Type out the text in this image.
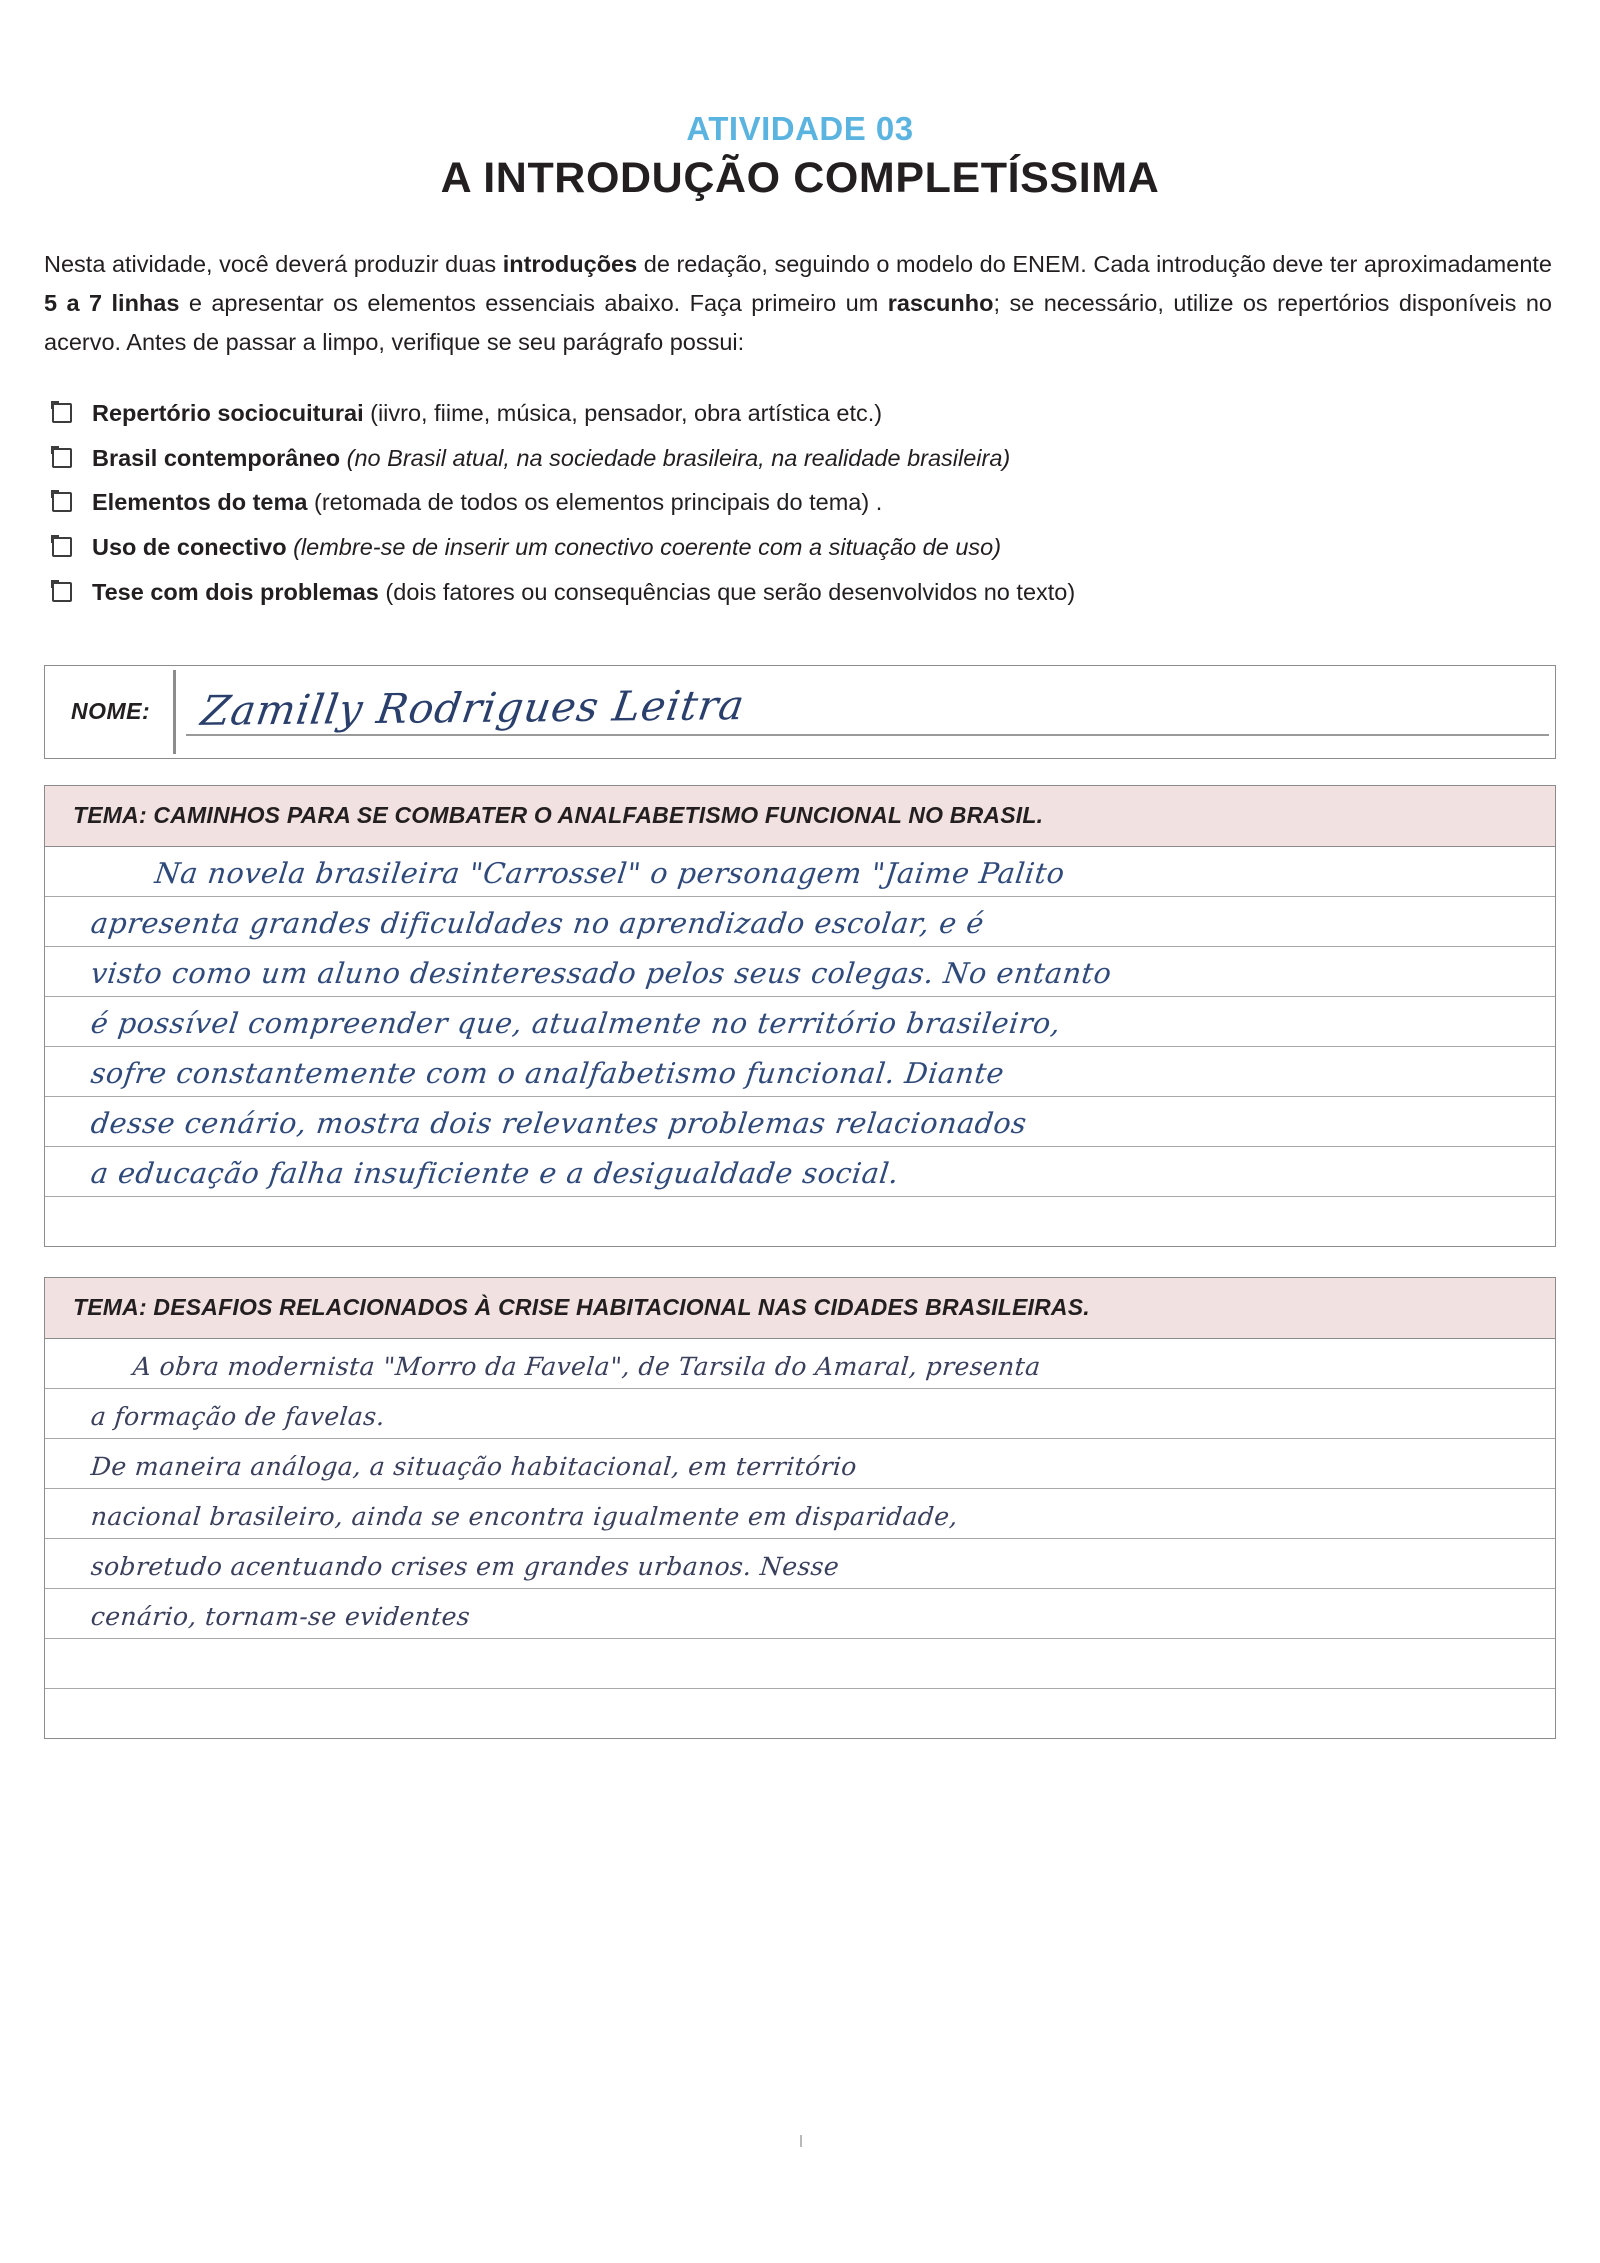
ATIVIDADE 03
A INTRODUÇÃO COMPLETÍSSIMA

Nesta atividade, você deverá produzir duas introduções de redação, seguindo o modelo do ENEM. Cada introdução deve ter aproximadamente 5 a 7 linhas e apresentar os elementos essenciais abaixo. Faça primeiro um rascunho; se necessário, utilize os repertórios disponíveis no acervo. Antes de passar a limpo, verifique se seu parágrafo possui:

Repertório sociocuiturai (iivro, fiime, música, pensador, obra artística etc.)
Brasil contemporâneo (no Brasil atual, na sociedade brasileira, na realidade brasileira)
Elementos do tema (retomada de todos os elementos principais do tema) .
Uso de conectivo (lembre-se de inserir um conectivo coerente com a situação de uso)
Tese com dois problemas (dois fatores ou consequências que serão desenvolvidos no texto)
NOME:	Zamilly Rodrigues Leitra
TEMA: CAMINHOS PARA SE COMBATER O ANALFABETISMO FUNCIONAL NO BRASIL.
Na novela brasileira "Carrossel" o personagem "Jaime Palito
apresenta grandes dificuldades no aprendizado escolar, e é
visto como um aluno desinteressado pelos seus colegas. No entanto
é possível compreender que, atualmente no território brasileiro,
sofre constantemente com o analfabetismo funcional. Diante
desse cenário, mostra dois relevantes problemas relacionados
a educação falha insuficiente e a desigualdade social.
TEMA: DESAFIOS RELACIONADOS À CRISE HABITACIONAL NAS CIDADES BRASILEIRAS.
A obra modernista "Morro da Favela", de Tarsila do Amaral, presenta
a formação de favelas.
De maneira análoga, a situação habitacional, em território
nacional brasileiro, ainda se encontra igualmente em disparidade,
sobretudo acentuando crises em grandes urbanos. Nesse
cenário, tornam-se evidentes
